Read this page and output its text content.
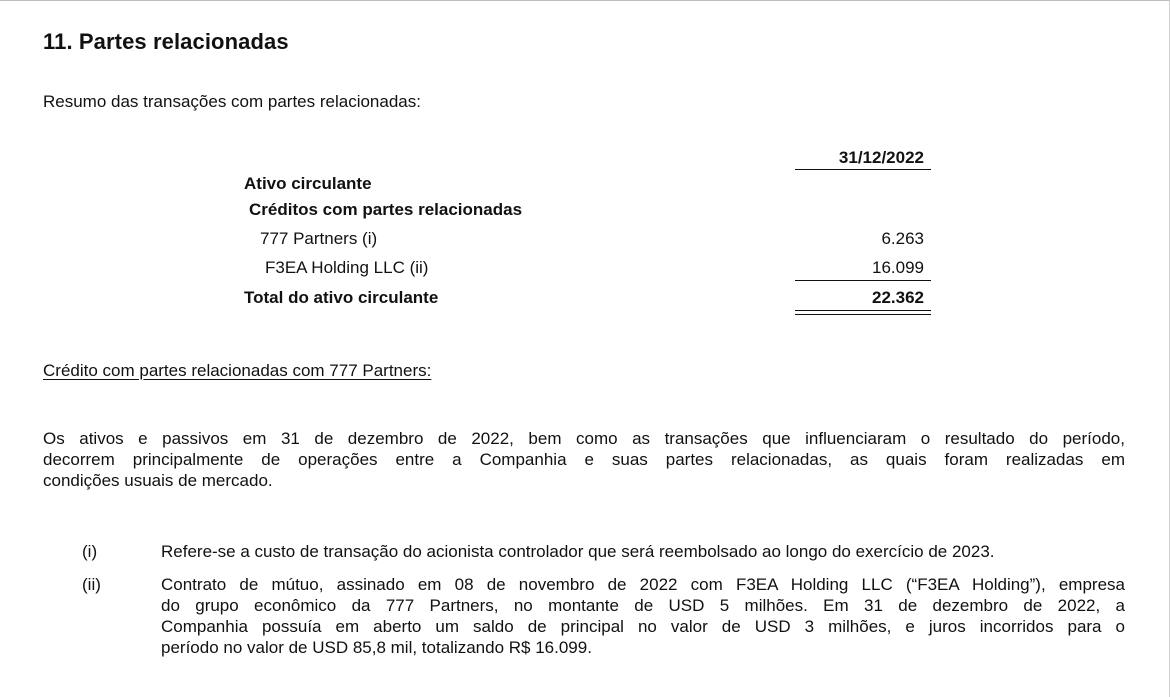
11. Partes relacionadas
Resumo das transações com partes relacionadas:
31/12/2022
Ativo circulante
Créditos com partes relacionadas
777 Partners (i)	6.263
F3EA Holding LLC (ii)	16.099
Total do ativo circulante	22.362
Crédito com partes relacionadas com 777 Partners:
Os ativos e passivos em 31 de dezembro de 2022, bem como as transações que influenciaram o resultado do período,
decorrem principalmente de operações entre a Companhia e suas partes relacionadas, as quais foram realizadas em
condições usuais de mercado.
(i)	Refere-se a custo de transação do acionista controlador que será reembolsado ao longo do exercício de 2023.
(ii)	Contrato de mútuo, assinado em 08 de novembro de 2022 com F3EA Holding LLC (“F3EA Holding”), empresa
do grupo econômico da 777 Partners, no montante de USD 5 milhões. Em 31 de dezembro de 2022, a
Companhia possuía em aberto um saldo de principal no valor de USD 3 milhões, e juros incorridos para o
período no valor de USD 85,8 mil, totalizando R$ 16.099.
